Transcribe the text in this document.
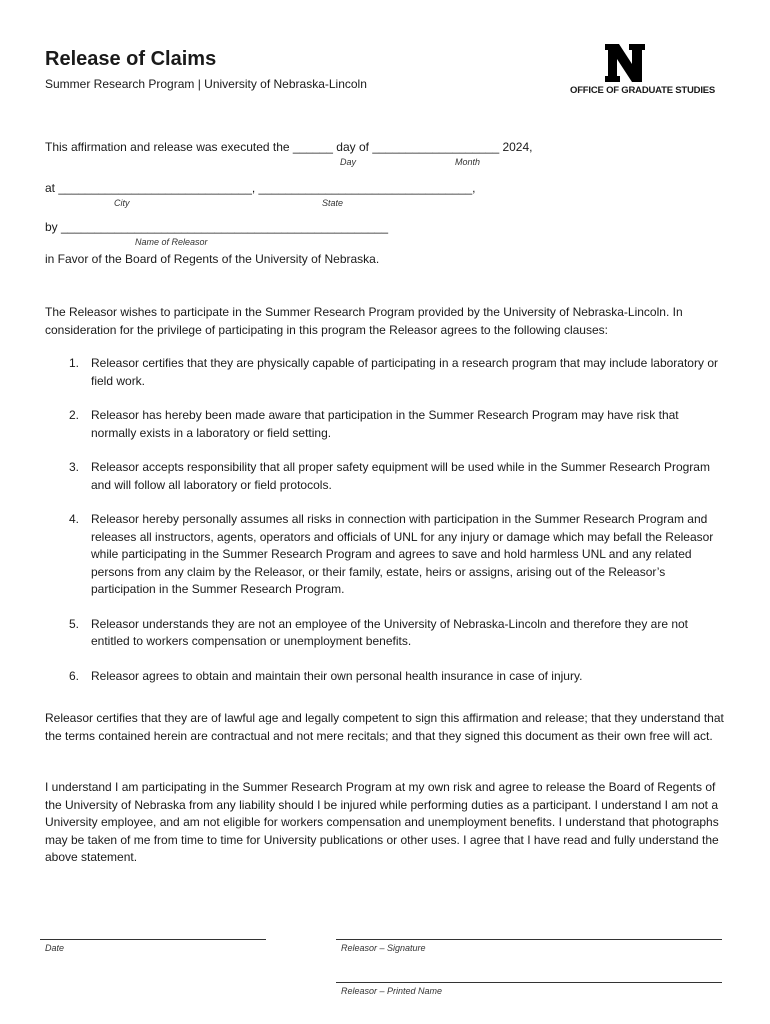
Release of Claims
Summer Research Program | University of Nebraska-Lincoln	OFFICE OF GRADUATE STUDIES
This affirmation and release was executed the ______ day of ___________________ 2024,
Day	Month
at _____________________________, ________________________________,
City	State
by _________________________________________________
Name of Releasor
in Favor of the Board of Regents of the University of Nebraska.

The Releasor wishes to participate in the Summer Research Program provided by the University of Nebraska-Lincoln. In consideration for the privilege of participating in this program the Releasor agrees to the following clauses:

1. Releasor certifies that they are physically capable of participating in a research program that may include laboratory or field work.
2. Releasor has hereby been made aware that participation in the Summer Research Program may have risk that normally exists in a laboratory or field setting.
3. Releasor accepts responsibility that all proper safety equipment will be used while in the Summer Research Program and will follow all laboratory or field protocols.
4. Releasor hereby personally assumes all risks in connection with participation in the Summer Research Program and releases all instructors, agents, operators and officials of UNL for any injury or damage which may befall the Releasor while participating in the Summer Research Program and agrees to save and hold harmless UNL and any related persons from any claim by the Releasor, or their family, estate, heirs or assigns, arising out of the Releasor’s participation in the Summer Research Program.
5. Releasor understands they are not an employee of the University of Nebraska-Lincoln and therefore they are not entitled to workers compensation or unemployment benefits.
6. Releasor agrees to obtain and maintain their own personal health insurance in case of injury.

Releasor certifies that they are of lawful age and legally competent to sign this affirmation and release; that they understand that the terms contained herein are contractual and not mere recitals; and that they signed this document as their own free will act.

I understand I am participating in the Summer Research Program at my own risk and agree to release the Board of Regents of the University of Nebraska from any liability should I be injured while performing duties as a participant. I understand I am not a University employee, and am not eligible for workers compensation and unemployment benefits. I understand that photographs may be taken of me from time to time for University publications or other uses. I agree that I have read and fully understand the above statement.

Date	Releasor – Signature
Releasor – Printed Name
